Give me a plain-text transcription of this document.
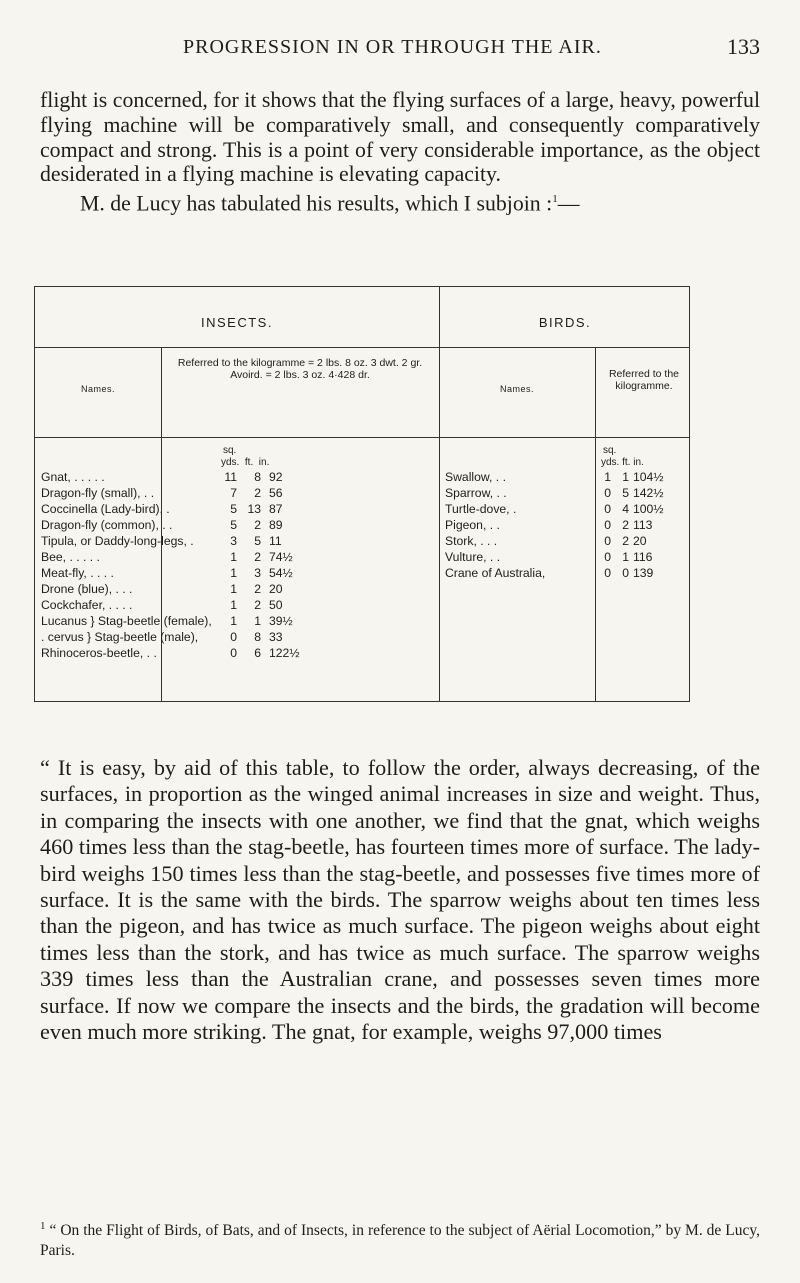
PROGRESSION IN OR THROUGH THE AIR.	133

flight is concerned, for it shows that the flying surfaces of a large, heavy, powerful flying machine will be comparatively small, and consequently comparatively compact and strong. This is a point of very considerable importance, as the object desiderated in a flying machine is elevating capacity.
M. de Lucy has tabulated his results, which I subjoin :$^1$—

INSECTS.	BIRDS.
Names.
Referred to the kilogramme = 2 lbs. 8 oz. 3 dwt. 2 gr. Avoird. = 2 lbs. 3 oz. 4·428 dr.
Names.
Referred to the kilogramme.
sq.
yds.  ft.  in.
sq.
yds. ft. in.
Gnat, . . . . .	11	8 92
Dragon-fly (small), . .	7	2 56
Coccinella (Lady-bird), .	5 13 87
Dragon-fly (common), . .	5	2 89
Tipula, or Daddy-long-legs, .	3	5 11
Bee, . . . . .	1	2 74½
Meat-fly, . . . .	1	3 54½
Drone (blue), . . .	1	2 20
Cockchafer, . . . .	1	2 50
Lucanus } Stag-beetle (female),	1	1 39½
. cervus } Stag-beetle (male),	0	8 33
Rhinoceros-beetle, . .	0	6 122½
Swallow, . .	1 1 104½
Sparrow, . .	0 5 142½
Turtle-dove, .	0 4 100½
Pigeon, . .	0 2 113
Stork, . . .	0 2 20
Vulture, . .	0 1 116
Crane of Australia,	0 0 139

“ It is easy, by aid of this table, to follow the order, always decreasing, of the surfaces, in proportion as the winged animal increases in size and weight. Thus, in comparing the insects with one another, we find that the gnat, which weighs 460 times less than the stag-beetle, has fourteen times more of surface. The lady-bird weighs 150 times less than the stag-beetle, and possesses five times more of surface. It is the same with the birds. The sparrow weighs about ten times less than the pigeon, and has twice as much surface. The pigeon weighs about eight times less than the stork, and has twice as much surface. The sparrow weighs 339 times less than the Australian crane, and possesses seven times more surface. If now we compare the insects and the birds, the gradation will become even much more striking. The gnat, for example, weighs 97,000 times

$^1$ “ On the Flight of Birds, of Bats, and of Insects, in reference to the subject of Aërial Locomotion,” by M. de Lucy, Paris.
